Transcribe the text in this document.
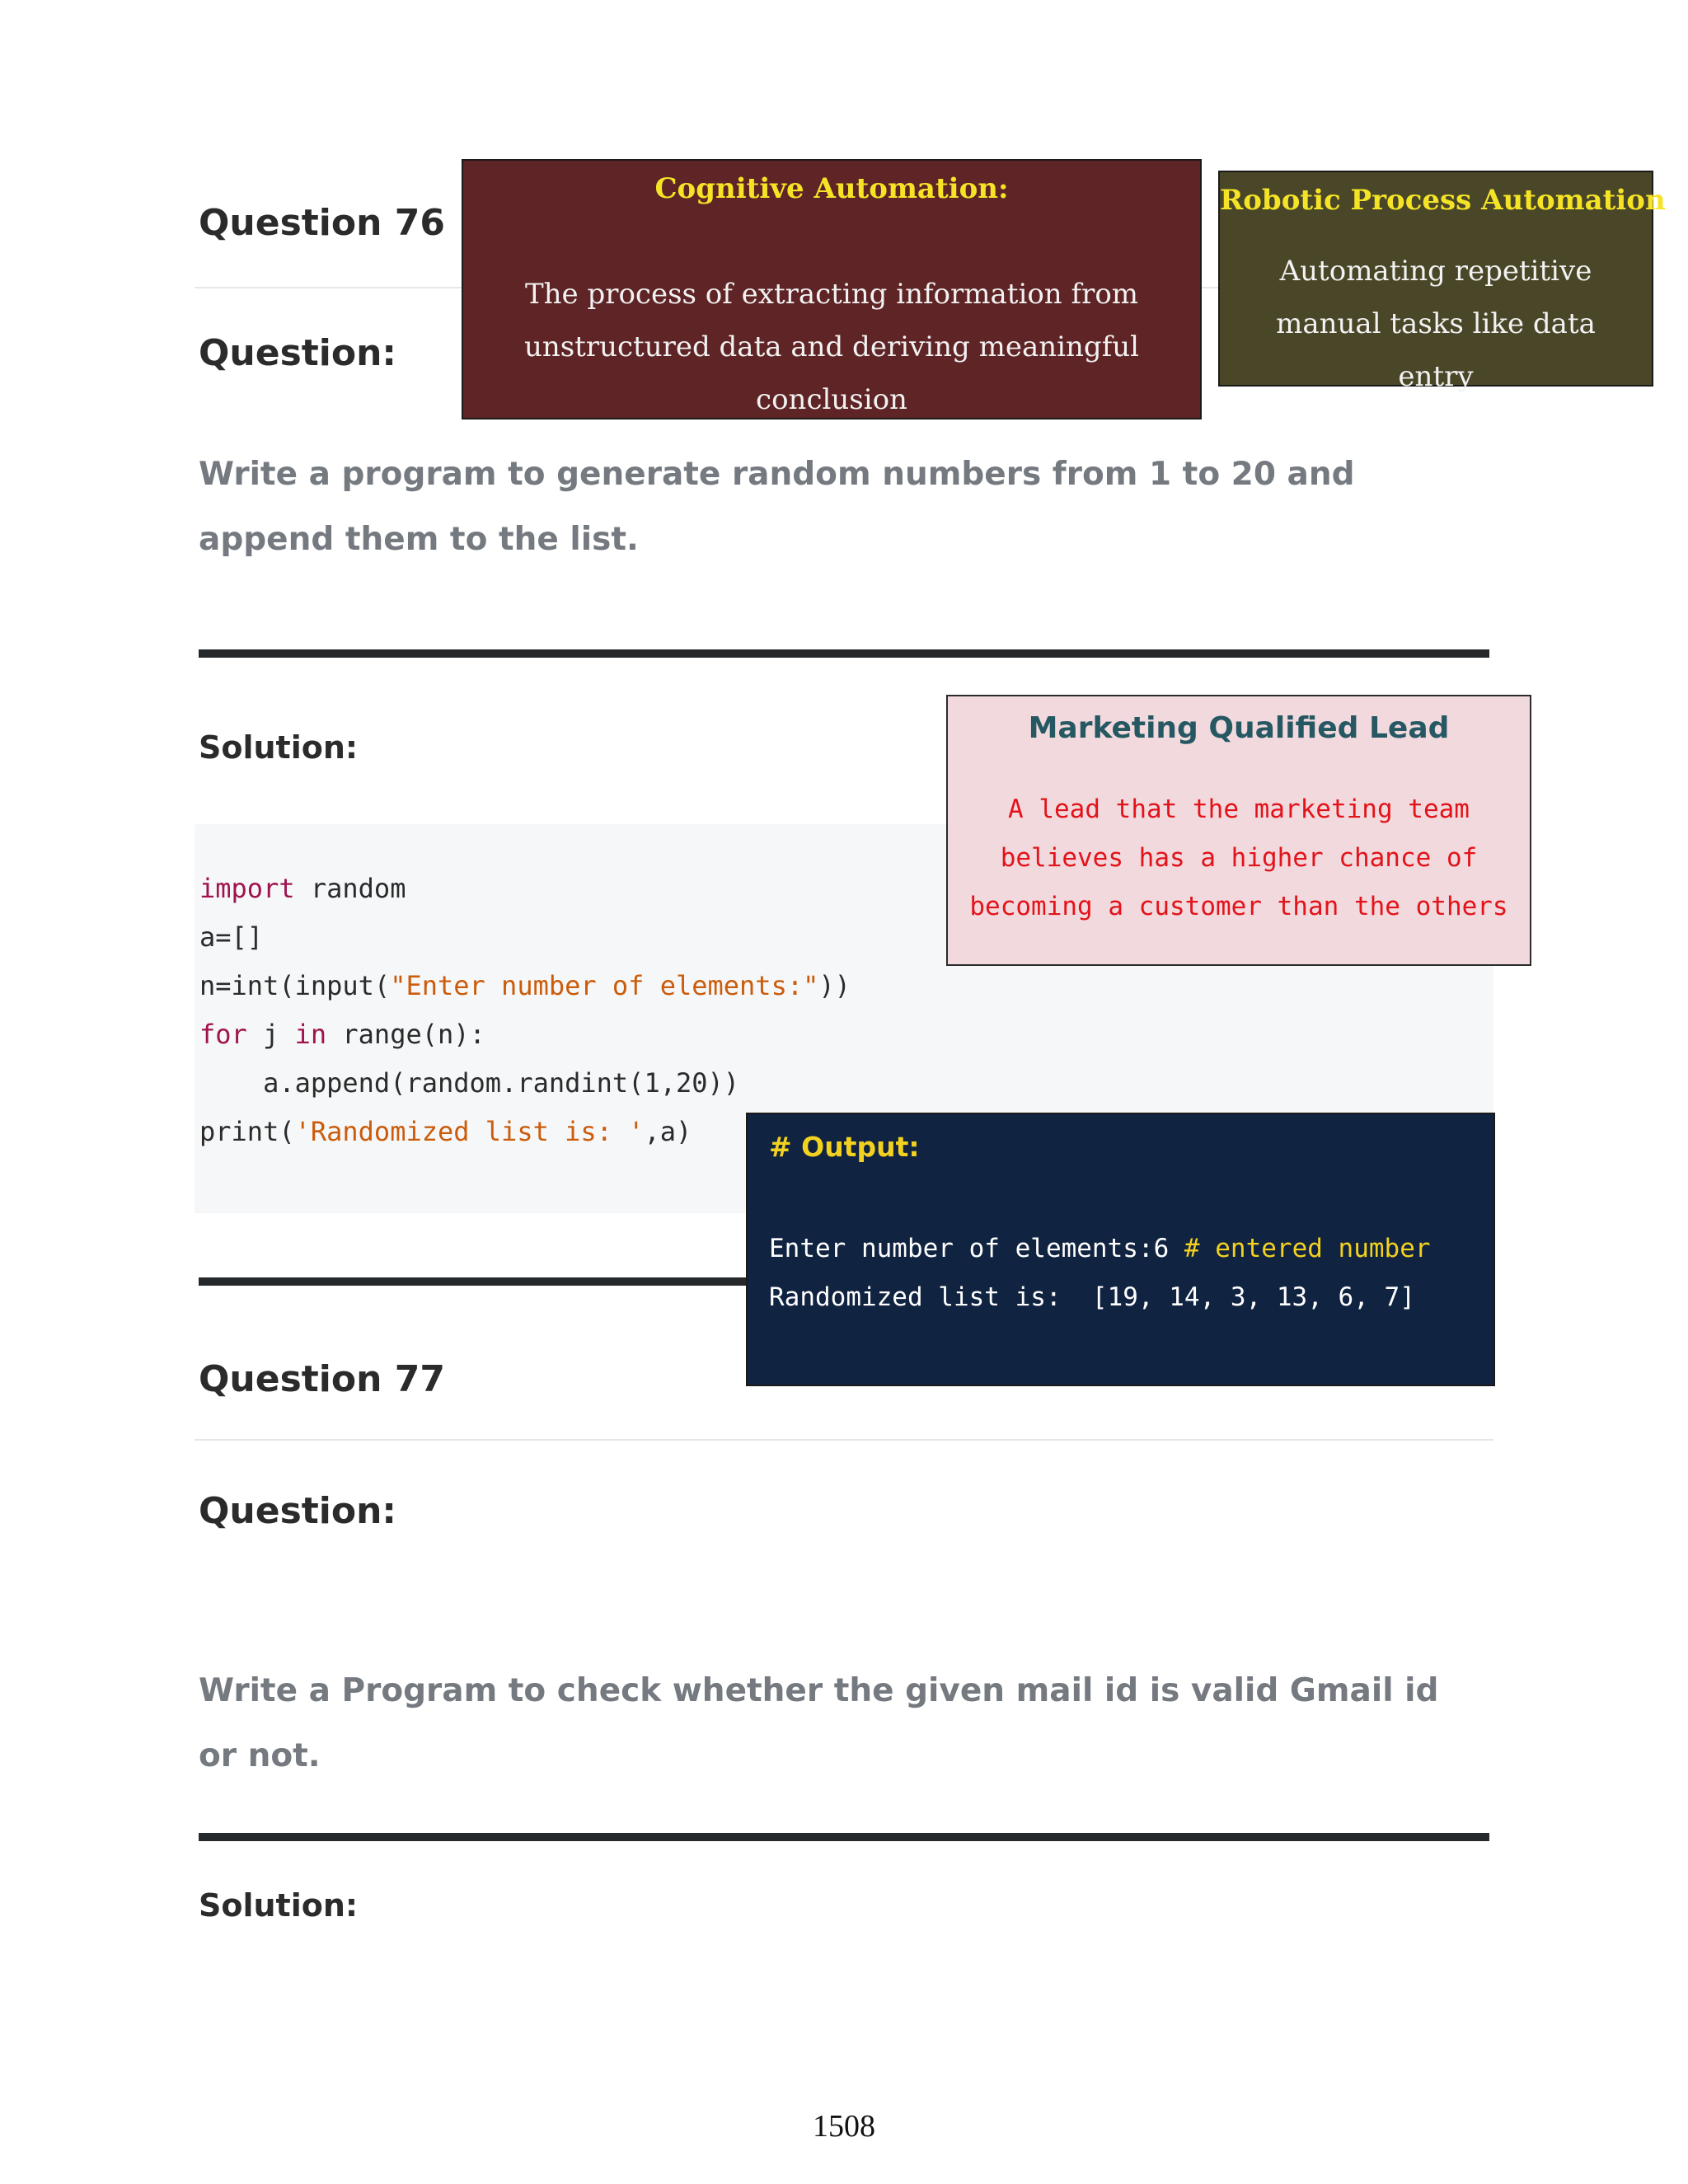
Question 76
Question:
Write a program to generate random numbers from 1 to 20 and append them to the list.
Solution:
import random
a=[]
n=int(input("Enter number of elements:"))
for j in range(n):
a.append(random.randint(1,20))
print('Randomized list is: ',a)
Question 77
Question:
Write a Program to check whether the given mail id is valid Gmail id or not.
Solution:
Cognitive Automation:
The process of extracting information from unstructured data and deriving meaningful conclusion
Robotic Process Automation
Automating repetitive manual tasks like data entry
Marketing Qualified Lead
A lead that the marketing team
believes has a higher chance of
becoming a customer than the others
# Output:
Enter number of elements:6 # entered number
Randomized list is:  [19, 14, 3, 13, 6, 7]
1508
